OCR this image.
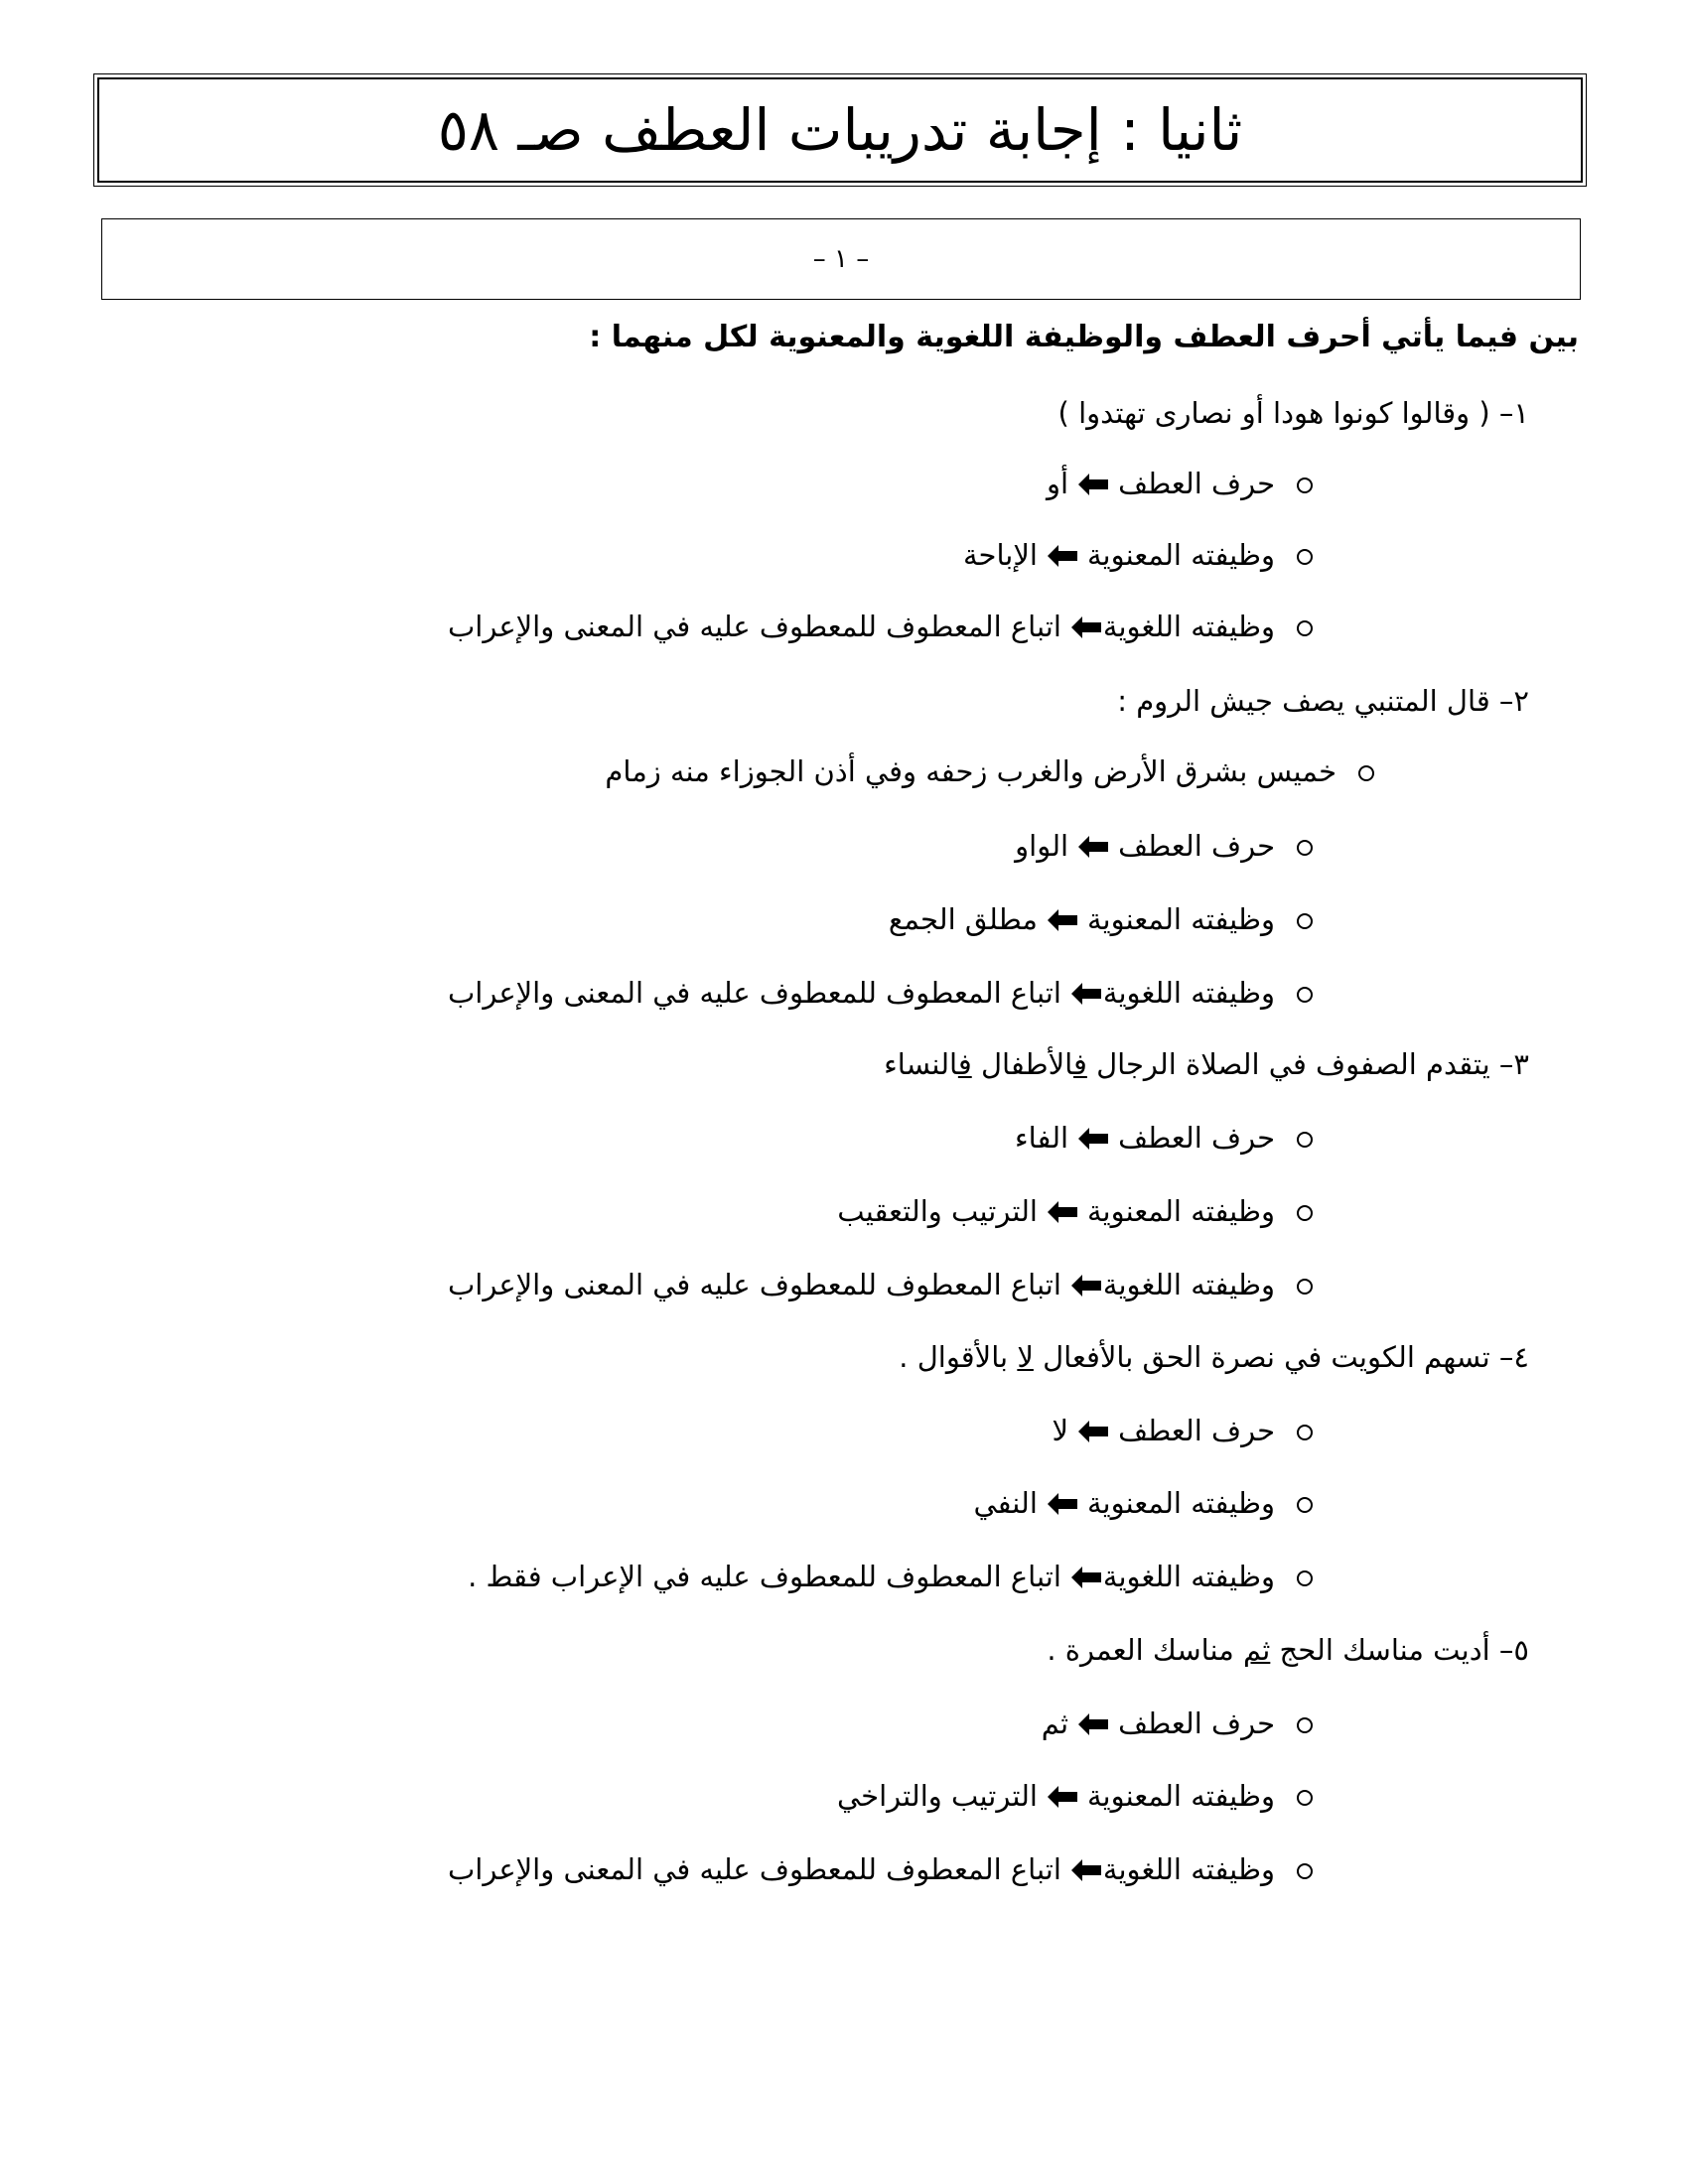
ثانيا : إجابة تدريبات العطف صـ ٥٨
– ١ –
بين فيما يأتي أحرف العطف والوظيفة اللغوية والمعنوية لكل منهما :
١– ( وقالوا كونوا هودا أو نصارى تهتدوا )
حرف العطفأو
وظيفته المعنويةالإباحة
وظيفته اللغويةاتباع المعطوف للمعطوف عليه في المعنى والإعراب
٢– قال المتنبي يصف جيش الروم :
خميس بشرق الأرض والغرب زحفه وفي أذن الجوزاء منه زمام
حرف العطفالواو
وظيفته المعنويةمطلق الجمع
وظيفته اللغويةاتباع المعطوف للمعطوف عليه في المعنى والإعراب
٣– يتقدم الصفوف في الصلاة الرجال فالأطفال فالنساء
حرف العطفالفاء
وظيفته المعنويةالترتيب والتعقيب
وظيفته اللغويةاتباع المعطوف للمعطوف عليه في المعنى والإعراب
٤– تسهم الكويت في نصرة الحق بالأفعال لا بالأقوال .
حرف العطفلا
وظيفته المعنويةالنفي
وظيفته اللغويةاتباع المعطوف للمعطوف عليه في الإعراب فقط .
٥– أديت مناسك الحج ثم مناسك العمرة .
حرف العطفثم
وظيفته المعنويةالترتيب والتراخي
وظيفته اللغويةاتباع المعطوف للمعطوف عليه في المعنى والإعراب
